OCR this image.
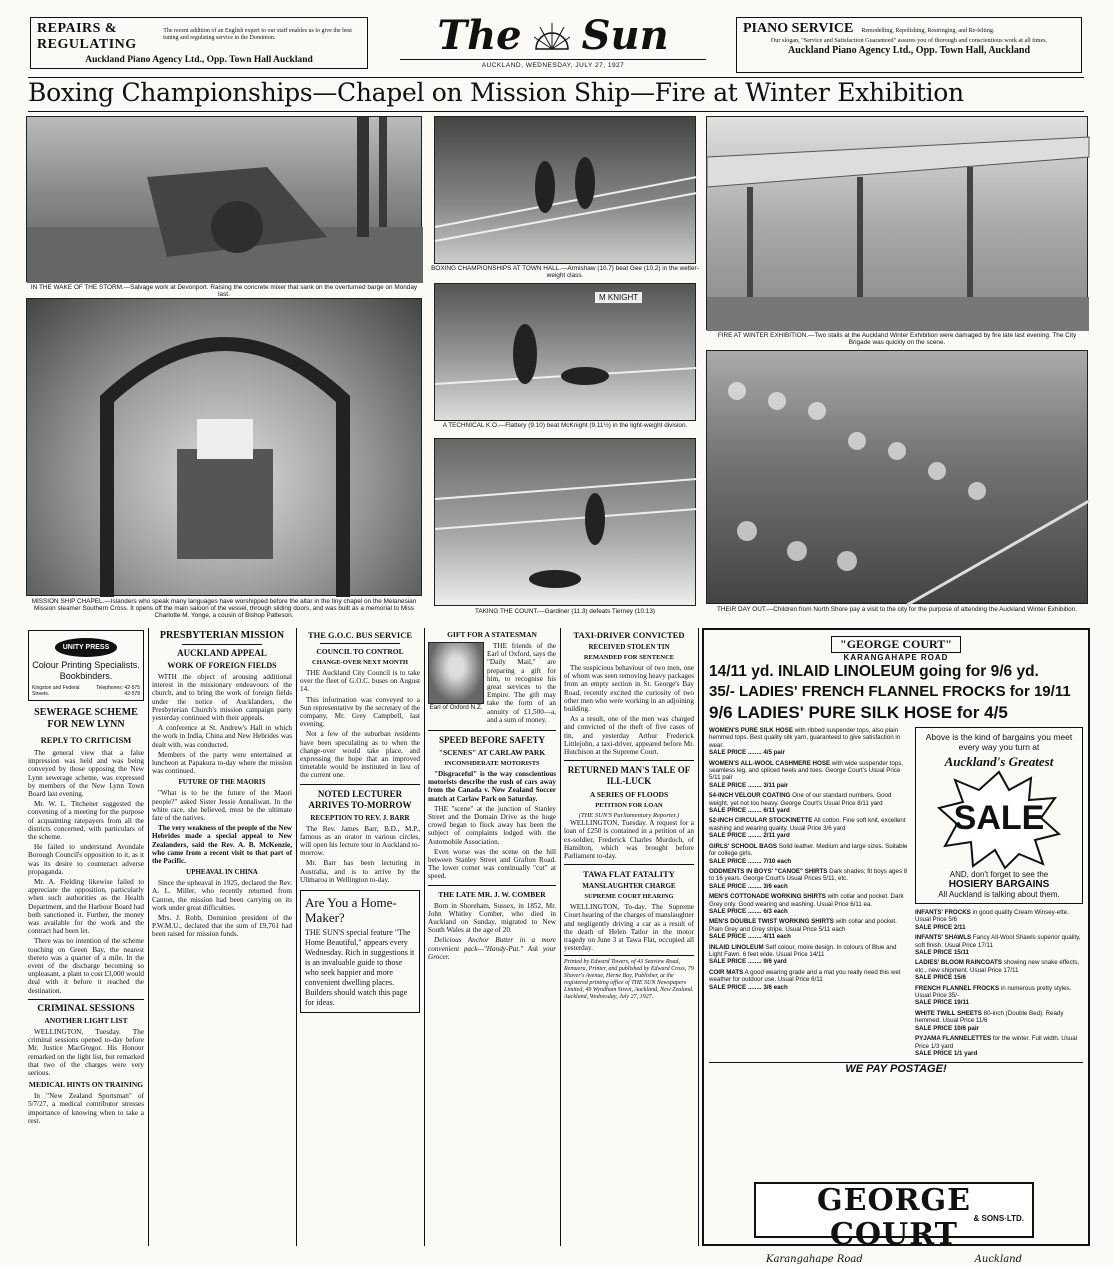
REPAIRS & REGULATING
The recent addition of an English expert to our staff enables us to give the best tuning and regulating service in the Dominion.
Auckland Piano Agency Ltd., Opp. Town Hall Auckland
The Sun
AUCKLAND, WEDNESDAY, JULY 27, 1927
PIANO SERVICE Remodelling, Repolishing, Restringing, and Re-felting.
Our slogan, "Service and Satisfaction Guaranteed" assures you of thorough and conscientious work at all times.
Auckland Piano Agency Ltd., Opp. Town Hall, Auckland
Boxing Championships—Chapel on Mission Ship—Fire at Winter Exhibition
IN THE WAKE OF THE STORM.—Salvage work at Devonport. Raising the concrete mixer that sank on the overturned barge on Monday last.
BOXING CHAMPIONSHIPS AT TOWN HALL.—Armishaw (10.7) beat Gee (10.2) in the welter-weight class.
FIRE AT WINTER EXHIBITION.—Two stalls at the Auckland Winter Exhibition were damaged by fire late last evening. The City Brigade was quickly on the scene.
M KNIGHT
A TECHNICAL K.O.—Flattery (9.10) beat McKnight (9.11½) in the light-weight division.
MISSION SHIP CHAPEL.—Islanders who speak many languages have worshipped before the altar in the tiny chapel on the Melanesian Mission steamer Southern Cross. It opens off the main saloon of the vessel, through sliding doors, and was built as a memorial to Miss Charlotte M. Yonge, a cousin of Bishop Patteson.
TAKING THE COUNT.—Gardiner (11.3) defeats Tierney (10.13)	THEIR DAY OUT.—Children from North Shore pay a visit to the city for the purpose of attending the Auckland Winter Exhibition.
UNITY PRESS
Colour Printing Specialists. Bookbinders.
Kingston and Federal Streets.
Telephones: 42-575 42-578
SEWERAGE SCHEME FOR NEW LYNN
REPLY TO CRITICISM

The general view that a false impression was held and was being conveyed by those opposing the New Lynn sewerage scheme, was expressed by members of the New Lynn Town Board last evening.

Mr. W. L. Titchener suggested the convening of a meeting for the purpose of acquainting ratepayers from all the districts concerned, with particulars of the scheme.

He failed to understand Avondale Borough Council's opposition to it, as it was its desire to counteract adverse propaganda.

Mr. A. Fielding likewise failed to appreciate the opposition, particularly when such authorities as the Health Department, and the Harbour Board had both sanctioned it. Further, the money was available for the work and the contract had been let.

There was no intention of the scheme touching on Green Bay, the nearest thereto was a quarter of a mile. In the event of the discharge becoming so unpleasant, a plant to cost £3,000 would deal with it before it reached the destination.

CRIMINAL SESSIONS
ANOTHER LIGHT LIST

WELLINGTON, Tuesday. The criminal sessions opened to-day before Mr. Justice MacGregor. His Honour remarked on the light list, but remarked that two of the charges were very serious.

MEDICAL HINTS ON TRAINING

In "New Zealand Sportsman" of 5/7/27, a medical contributor stresses importance of knowing when to take a rest.

PRESBYTERIAN MISSION
AUCKLAND APPEAL
WORK OF FOREIGN FIELDS

WITH the object of arousing additional interest in the missionary endeavours of the church, and to bring the work of foreign fields under the notice of Aucklanders, the Presbyterian Church's mission campaign party yesterday continued with their appeals.

A conference at St. Andrew's Hall in which the work in India, China and New Hebrides was dealt with, was conducted.

Members of the party were entertained at luncheon at Papakura to-day where the mission was continued.

FUTURE OF THE MAORIS

"What is to be the future of the Maori people?" asked Sister Jessie Annaliwan. In the white race, she believed, must be the ultimate fate of the natives.

The very weakness of the people of the New Hebrides made a special appeal to New Zealanders, said the Rev. A. B. McKenzie, who came from a recent visit to that part of the Pacific.

UPHEAVAL IN CHINA

Since the upheaval in 1925, declared the Rev. A. L. Miller, who recently returned from Canton, the mission had been carrying on its work under great difficulties.

Mrs. J. Robb, Dominion president of the P.W.M.U., declared that the sum of £9,761 had been raised for mission funds.

THE G.O.C. BUS SERVICE
COUNCIL TO CONTROL
CHANGE-OVER NEXT MONTH

THE Auckland City Council is to take over the fleet of G.O.C. buses on August 14.

This information was conveyed to a Sun representative by the secretary of the company, Mr. Grey Campbell, last evening.

Not a few of the suburban residents have been speculating as to when the change-over would take place, and expressing the hope that an improved timetable would be instituted in lieu of the current one.

NOTED LECTURER ARRIVES TO-MORROW
RECEPTION TO REV. J. BARR

The Rev. James Barr, B.D., M.P., famous as an orator in various circles, will open his lecture tour in Auckland to-morrow.

Mr. Barr has been lecturing in Australia, and is to arrive by the Ulimaroa in Wellington to-day.

Are You a Home-Maker?
THE SUN'S special feature "The Home Beautiful," appears every Wednesday. Rich in suggestions it is an invaluable guide to those who seek happier and more convenient dwelling places. Builders should watch this page for ideas.
GIFT FOR A STATESMAN
Earl of Oxford N.Z.

THE friends of the Earl of Oxford, says the "Daily Mail," are preparing a gift for him, to recognise his great services to the Empire. The gift may take the form of an annuity of £1,500—a, and a sum of money.

SPEED BEFORE SAFETY
"SCENES" AT CARLAW PARK
INCONSIDERATE MOTORISTS

"Disgraceful" is the way conscientious motorists describe the rush of cars away from the Canada v. New Zealand Soccer match at Carlaw Park on Saturday.

THE "scene" at the junction of Stanley Street and the Domain Drive as the huge crowd began to flock away has been the subject of complaints lodged with the Automobile Association.

Even worse was the scene on the hill between Stanley Street and Grafton Road. The lower corner was continually "cut" at speed.

THE LATE MR. J. W. COMBER

Born in Shoreham, Sussex, in 1852, Mr. John Whitley Comber, who died in Auckland on Sunday, migrated to New South Wales at the age of 20.

Delicious Anchor Butter in a more convenient pack—"Handy-Pat." Ask your Grocer.

TAXI-DRIVER CONVICTED
RECEIVED STOLEN TIN
REMANDED FOR SENTENCE

The suspicious behaviour of two men, one of whom was seen removing heavy packages from an empty section in St. George's Bay Road, recently excited the curiosity of two other men who were working in an adjoining building.

As a result, one of the men was charged and convicted of the theft of five cases of tin, and yesterday Arthur Frederick Littlejohn, a taxi-driver, appeared before Mr. Hutchison at the Supreme Court.

RETURNED MAN'S TALE OF ILL-LUCK
A SERIES OF FLOODS
PETITION FOR LOAN
(THE SUN'S Parliamentary Reporter.)

WELLINGTON, Tuesday. A request for a loan of £250 is contained in a petition of an ex-soldier, Frederick Charles Murdoch, of Hamilton, which was brought before Parliament to-day.

TAWA FLAT FATALITY
MANSLAUGHTER CHARGE
SUPREME COURT HEARING

WELLINGTON, To-day. The Supreme Court hearing of the charges of manslaughter and negligently driving a car as a result of the death of Helen Tailor in the motor tragedy on June 3 at Tawa Flat, occupied all yesterday.

Printed by Edward Towers, of 43 Seaview Road, Remuera, Printer, and published by Edward Cross, 79 Shaver's Avenue, Herne Bay, Publisher, at the registered printing office of THE SUN Newspapers Limited, 49 Wyndham Street, Auckland, New Zealand. Auckland, Wednesday, July 27, 1927.
"GEORGE COURT"
KARANGAHAPE ROAD
14/11 yd. INLAID LINOLEUM going for 9/6 yd.
35/- LADIES' FRENCH FLANNEL FROCKS for 19/11
9/6 LADIES' PURE SILK HOSE for 4/5
WOMEN'S PURE SILK HOSE with ribbed suspender tops, also plain hemmed tops. Best quality silk yarn, guaranteed to give satisfaction in wear.
SALE PRICE ........ 4/5 pair
WOMEN'S ALL-WOOL CASHMERE HOSE with wide suspender tops, seamless leg, and spliced heels and toes. George Court's Usual Price 5/11 pair
SALE PRICE ........ 3/11 pair
54-INCH VELOUR COATING One of our standard numbers. Good weight, yet not too heavy. George Court's Usual Price 8/11 yard
SALE PRICE ........ 6/11 yard
52-INCH CIRCULAR STOCKINETTE All cotton. Fine soft knit, excellent washing and wearing quality. Usual Price 3/6 yard
SALE PRICE ........ 2/11 yard
GIRLS' SCHOOL BAGS Solid leather. Medium and large sizes. Suitable for college girls.
SALE PRICE ........ 7/10 each
ODDMENTS IN BOYS' "CANOE" SHIRTS Dark shades; fit boys ages 8 to 16 years. George Court's Usual Prices 5/11, etc.
SALE PRICE ........ 3/6 each
MEN'S COTTONADE WORKING SHIRTS with collar and pocket. Dark Grey only. Good wearing and washing. Usual Price 6/11 ea.
SALE PRICE ........ 6/3 each
MEN'S DOUBLE TWIST WORKING SHIRTS with collar and pocket. Plain Grey and Grey stripe. Usual Price 5/11 each
SALE PRICE ........ 4/11 each
INLAID LINOLEUM Self colour, moire design. In colours of Blue and Light Fawn. 6 feet wide. Usual Price 14/11
SALE PRICE ........ 9/6 yard
COIR MATS A good wearing grade and a mat you really need this wet weather for outdoor use. Usual Price 6/11
SALE PRICE ........ 3/6 each
Above is the kind of bargains you meet every way you turn at
Auckland's Greatest
SALE
AND, don't forget to see the
HOSIERY BARGAINS
All Auckland is talking about them.
INFANTS' FROCKS in good quality Cream Winsey-ette. Usual Price 5/6
SALE PRICE 2/11
INFANTS' SHAWLS Fancy All-Wool Shawls superior quality, soft finish. Usual Price 17/11
SALE PRICE 15/11
LADIES' BLOOM RAINCOATS showing new snake effects, etc., new shipment. Usual Price 17/11
SALE PRICE 15/6
FRENCH FLANNEL FROCKS in numerous pretty styles. Usual Price 35/-
SALE PRICE 19/11
WHITE TWILL SHEETS 80-inch (Double Bed). Ready hemmed. Usual Price 11/6
SALE PRICE 10/6 pair
PYJAMA FLANNELETTES for the winter. Full width. Usual Price 1/3 yard
SALE PRICE 1/1 yard
WE PAY POSTAGE!
GEORGE COURT	& SONS·LTD.
Karangahape Road	Auckland
